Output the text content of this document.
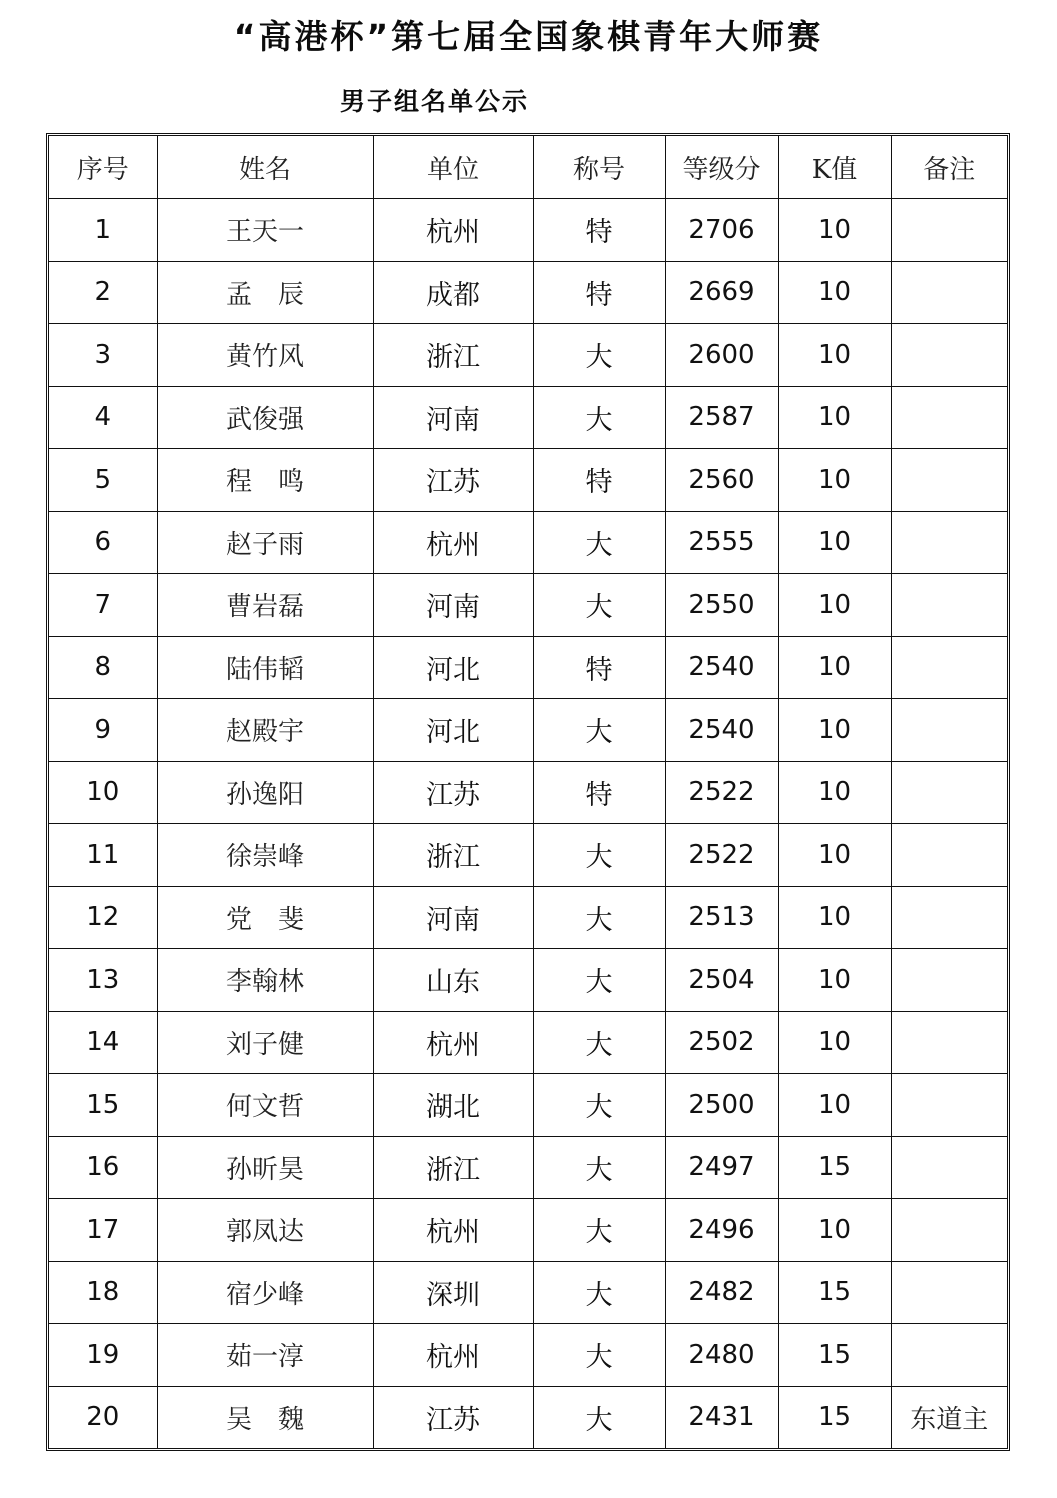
“高港杯”第七届全国象棋青年大师赛
男子组名单公示
序号	姓名	单位	称号	等级分	K值	备注
1	王天一	杭州	特	2706	10	
2	孟　辰	成都	特	2669	10	
3	黄竹风	浙江	大	2600	10	
4	武俊强	河南	大	2587	10	
5	程　鸣	江苏	特	2560	10	
6	赵子雨	杭州	大	2555	10	
7	曹岩磊	河南	大	2550	10	
8	陆伟韬	河北	特	2540	10	
9	赵殿宇	河北	大	2540	10	
10	孙逸阳	江苏	特	2522	10	
11	徐崇峰	浙江	大	2522	10	
12	党　斐	河南	大	2513	10	
13	李翰林	山东	大	2504	10	
14	刘子健	杭州	大	2502	10	
15	何文哲	湖北	大	2500	10	
16	孙昕昊	浙江	大	2497	15	
17	郭凤达	杭州	大	2496	10	
18	宿少峰	深圳	大	2482	15	
19	茹一淳	杭州	大	2480	15	
20	吴　魏	江苏	大	2431	15	东道主
